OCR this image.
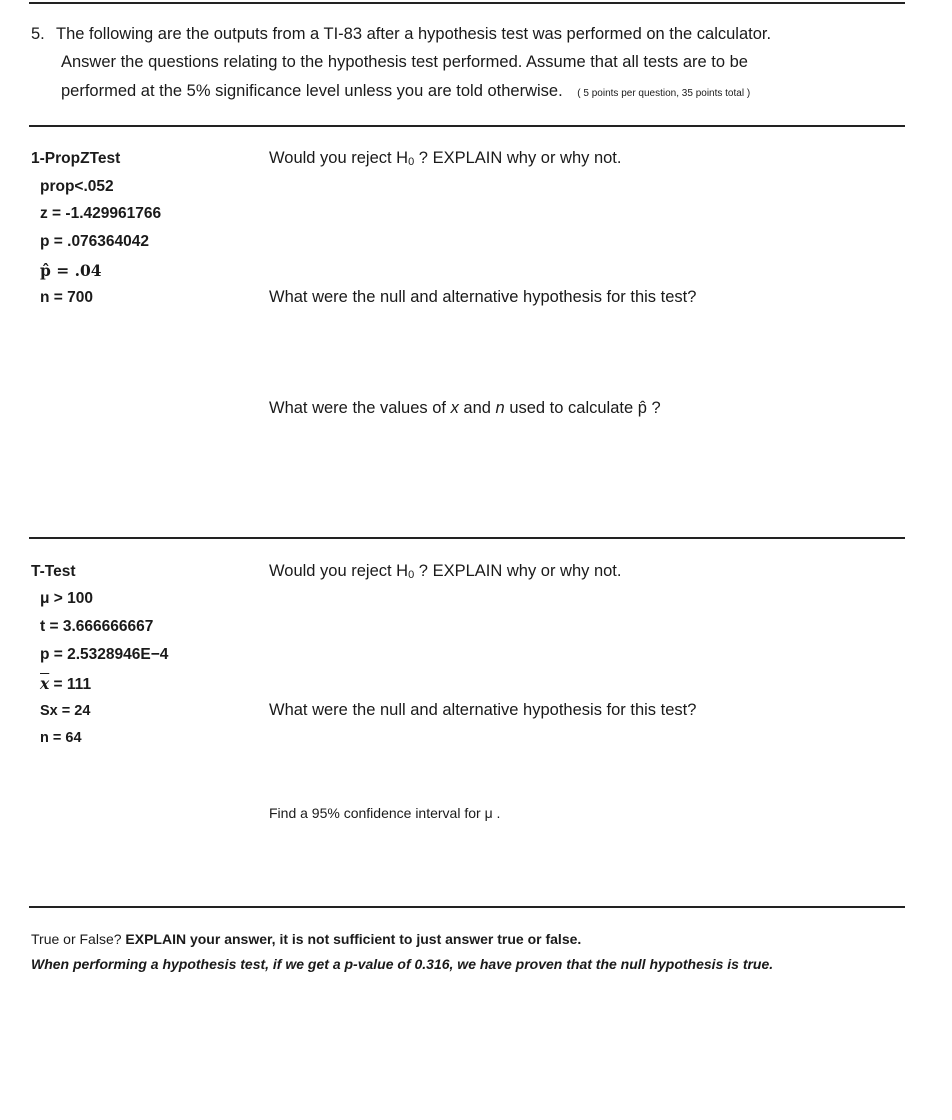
5. The following are the outputs from a TI-83 after a hypothesis test was performed on the calculator.
Answer the questions relating to the hypothesis test performed. Assume that all tests are to be
performed at the 5% significance level unless you are told otherwise. ( 5 points per question, 35 points total )
1-PropZTest
prop<.052
z = -1.429961766
p = .076364042
p̂ = .04
n = 700
Would you reject $H_0$ ? EXPLAIN why or why not.
What were the null and alternative hypothesis for this test?
What were the values of x and n used to calculate p̂ ?
T-Test
μ > 100
t = 3.666666667
p = 2.5328946E−4
$\overline{x} = 111$
Sx = 24
n = 64
Would you reject $H_0$ ? EXPLAIN why or why not.
What were the null and alternative hypothesis for this test?
Find a 95% confidence interval for μ .
True or False? EXPLAIN your answer, it is not sufficient to just answer true or false.
When performing a hypothesis test, if we get a p-value of 0.316, we have proven that the null hypothesis is true.
